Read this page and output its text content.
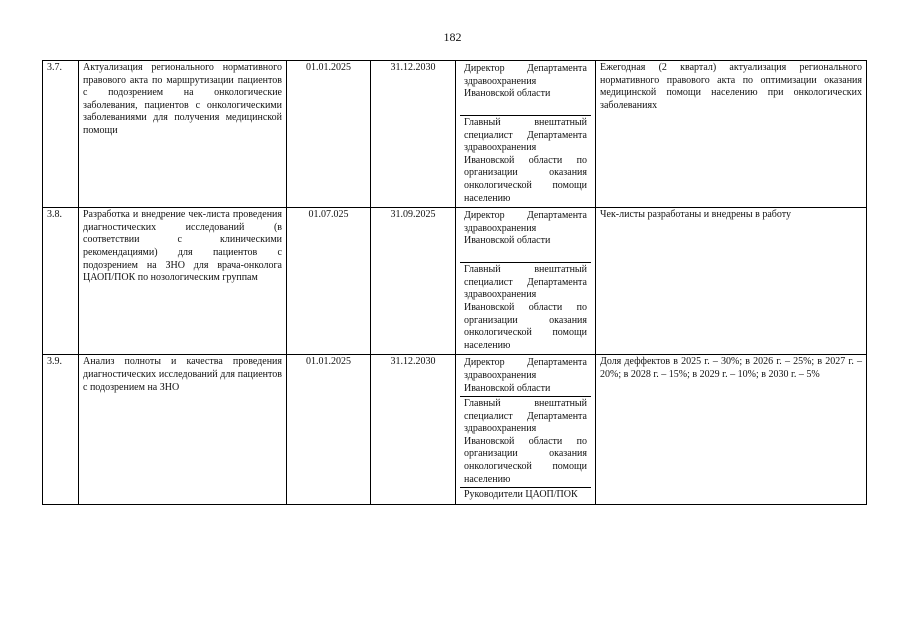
182
3.7.	Актуализация регионального нормативного правового акта по маршрутизации пациентов с подозрением на онкологические заболевания, пациентов с онкологическими заболеваниями для получения медицинской помощи	01.01.2025	31.12.2030	Директор Департамента здравоохранения Ивановской области
Главный внештатный специалист Департамента здравоохранения Ивановской области по организации оказания онкологической помощи населению	Ежегодная (2 квартал) актуализация регионального нормативного правового акта по оптимизации оказания медицинской помощи населению при онкологических заболеваниях
3.8.	Разработка и внедрение чек-листа проведения диагностических исследований (в соответствии с клиническими рекомендациями) для пациентов с подозрением на ЗНО для врача-онколога ЦАОП/ПОК по нозологическим группам	01.07.025	31.09.2025	Директор Департамента здравоохранения Ивановской области
Главный внештатный специалист Департамента здравоохранения Ивановской области по организации оказания онкологической помощи населению	Чек-листы разработаны и внедрены в работу
3.9.	Анализ полноты и качества проведения диагностических исследований для пациентов с подозрением на ЗНО	01.01.2025	31.12.2030	Директор Департамента здравоохранения Ивановской области
Главный внештатный специалист Департамента здравоохранения Ивановской области по организации оказания онкологической помощи населению
Руководители ЦАОП/ПОК	Доля деффектов в 2025 г. – 30%; в 2026 г. – 25%; в 2027 г. – 20%; в 2028 г. – 15%; в 2029 г. – 10%; в 2030 г. – 5%
